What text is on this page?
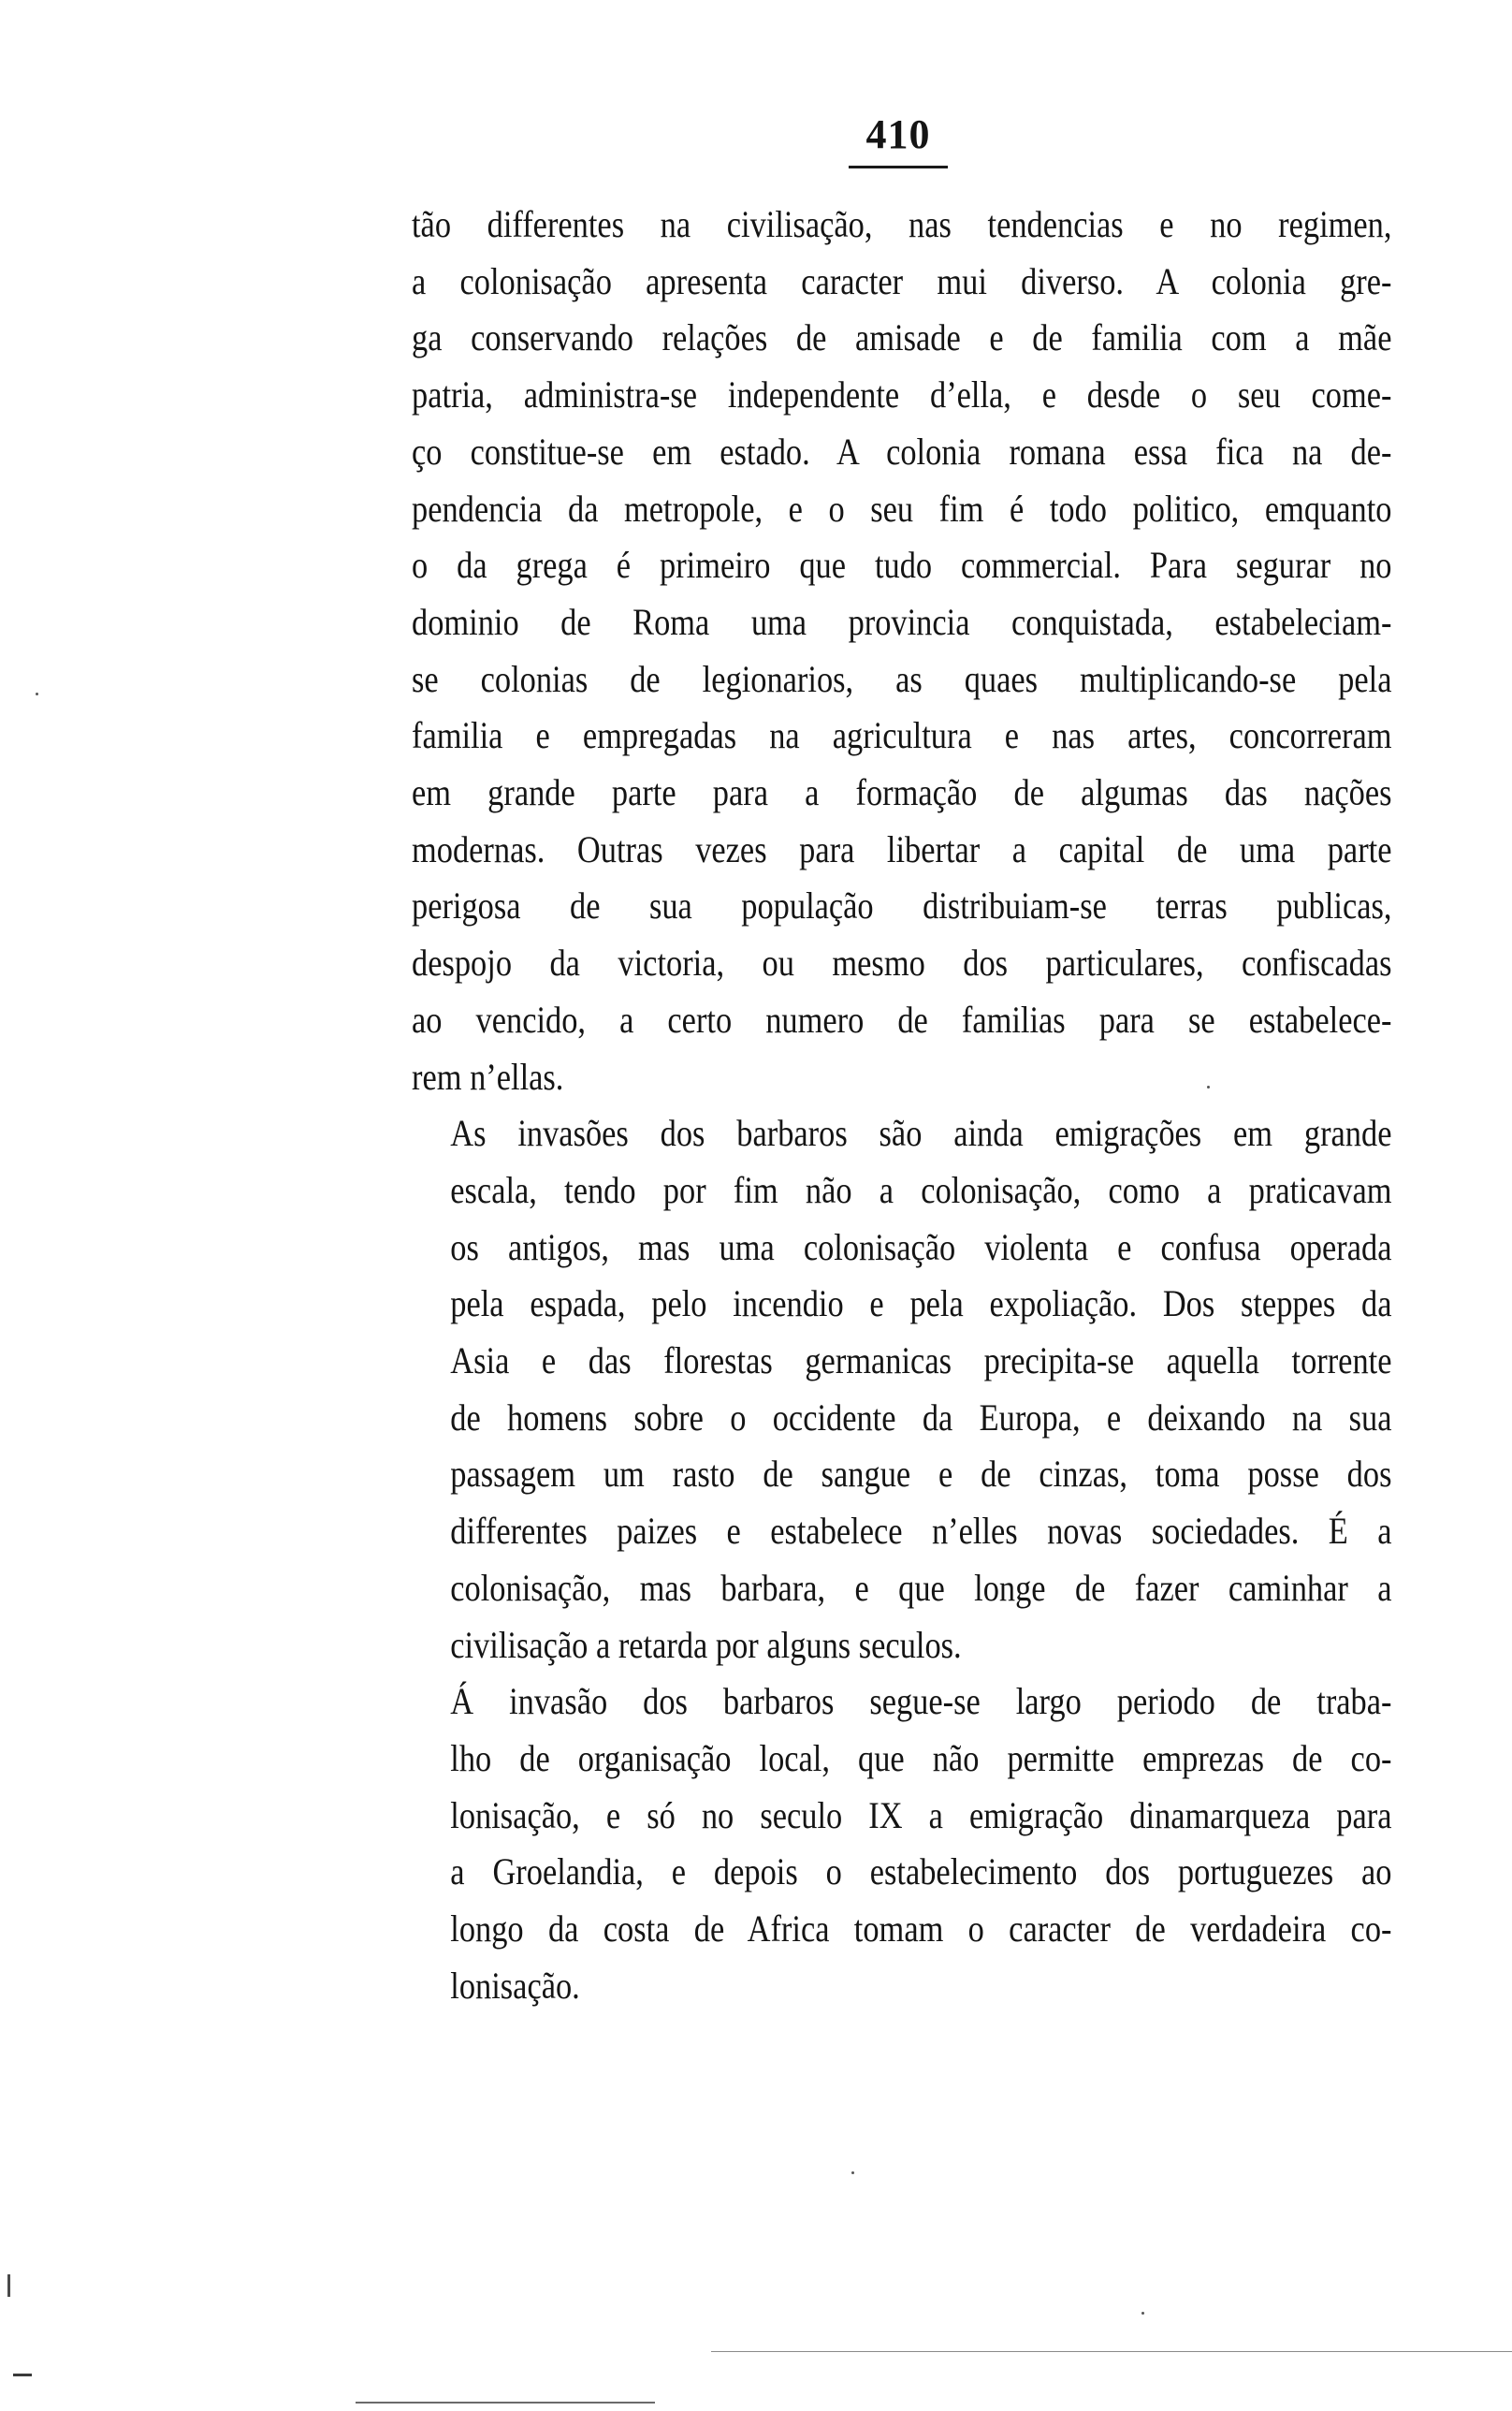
410

tão differentes na civilisação, nas tendencias e no regimen,
a colonisação apresenta caracter mui diverso. A colonia gre-
ga conservando relações de amisade e de familia com a mãe
patria, administra-se independente d’ella, e desde o seu come-
ço constitue-se em estado. A colonia romana essa fica na de-
pendencia da metropole, e o seu fim é todo politico, emquanto
o da grega é primeiro que tudo commercial. Para segurar no
dominio de Roma uma provincia conquistada, estabeleciam-
se colonias de legionarios, as quaes multiplicando-se pela
familia e empregadas na agricultura e nas artes, concorreram
em grande parte para a formação de algumas das nações
modernas. Outras vezes para libertar a capital de uma parte
perigosa de sua população distribuiam-se terras publicas,
despojo da victoria, ou mesmo dos particulares, confiscadas
ao vencido, a certo numero de familias para se estabelece-
rem n’ellas.

As invasões dos barbaros são ainda emigrações em grande
escala, tendo por fim não a colonisação, como a praticavam
os antigos, mas uma colonisação violenta e confusa operada
pela espada, pelo incendio e pela expoliação. Dos steppes da
Asia e das florestas germanicas precipita-se aquella torrente
de homens sobre o occidente da Europa, e deixando na sua
passagem um rasto de sangue e de cinzas, toma posse dos
differentes paizes e estabelece n’elles novas sociedades. É a
colonisação, mas barbara, e que longe de fazer caminhar a
civilisação a retarda por alguns seculos.

Á invasão dos barbaros segue-se largo periodo de traba-
lho de organisação local, que não permitte emprezas de co-
lonisação, e só no seculo IX a emigração dinamarqueza para
a Groelandia, e depois o estabelecimento dos portuguezes ao
longo da costa de Africa tomam o caracter de verdadeira co-
lonisação.
